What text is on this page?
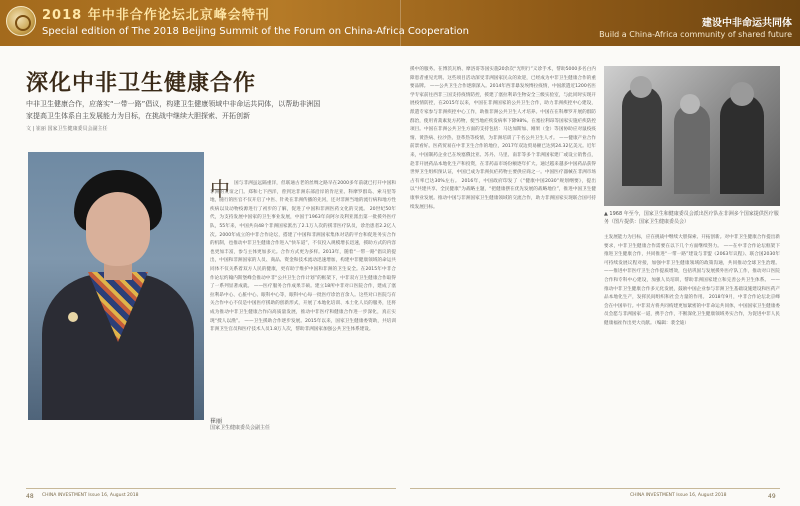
2018 年中非合作论坛北京峰会特刊
Special edition of The 2018 Beijing Summit of the Forum on China-Africa Cooperation
建设中非命运共同体
Build a China-Africa community of shared future
深化中非卫生健康合作

中非卫生健康合作，应落实“一带一路”倡议，构建卫生健康领域中非命运共同体，以帮助非洲国家提高卫生体系自主发展能力为目标，在挑战中继续大胆探索、开拓创新

文 | 崔丽 国家卫生健康委员会副主任
崔丽
国家卫生健康委员会副主任
中 国与非洲虽远隔重洋，但联通古老的丝绸之路早在2000多年前就已打开中国和非洲的友谊之门。郑和七下西洋，曾到达非洲东部沿岸的肯尼亚、科摩罗群岛、索马里等地，随行的医官不仅开启了中医、针灸在非洲传播的先河，还对非洲当地的流行病和地方性疾病以及动物疫源进行了初步的了解，促进了中国和非洲医药文化的交流。 20世纪50年代，为支持发展中国家的卫生事业发展，中国于1963年向阿尔及利亚派出第一批援外医疗队，55年来，中国共向48个非洲国家派出了2.1万人次的援非医疗队员，诊治患者2.2亿人次。2000年成立的中非合作论坛，搭建了中国和非洲国家集体对话的平台和促进务实合作的机制，也推动中非卫生健康合作进入“快车道”，不仅投入规模增长迅速，援助方式的内容也更加丰富，参与主体更加多元。合作方式更为多样。2013年，随着“一带一路”倡议的提出，中国和非洲国家的人员、商品、资金和技术流动迅速增加，构建中非健康领域的命运共同体不仅关系着双方人民的健康，更有助于维护中国和非洲的卫生安全。在2015年中非合作论坛约翰内斯堡峰会推动中非“公共卫生合作计划”的框架下，中非双方卫生健康合作取得了一系列显著成就。 ——医疗服务合作成果丰硕。建立18所中非对口医院合作，建成了塞拉利昂中心、心脏中心、眼科中心等，眼科中心每一批医疗诊治百余人。这些对口医院与有关合作中心不仅是中国医疗援助的创新形式，开展了本地化培训、本土化人员的服务，还将成为推动中非卫生健康合作向高质量发展，推动中非医疗和健康合作进一步深化，真正实现“授人以渔”。 ——卫生援助合作逐步发展。2015年以来，国家卫生健康委资助，共培训非洲卫生官员和医疗技术人员1.8万人次，帮助非洲国家加强公共卫生体系建设。
援中的服务。在博茨瓦纳、摩洛哥等国实施20余次“光明行”义诊手术，帮助5000多名白内障患者重见光明。这些项目活动深受非洲国家民众的欢迎，已经成为中非卫生健康合作的重要品牌。 ——公共卫生合作逐渐深入。2014年西非暴发埃博拉疫情，中国派遣近1200名医学专家前往西非三国支持疫情防控，援建了塞拉利昂生物安全三级实验室，与此同时实现开展疫情防控，在2015年以来，中国在非洲国家的公共卫生合作，助力非洲疾控中心建设，派遣专家参与非洲疾控中心工作，助推非洲公共卫生人才培养。中国在在科摩罗开展的群防群治，使用青蒿素复方药物，使当地疟疾发病率下降98%。在塞拉利昂等国家实施疟疾防控项目。中国在非洲公共卫生方面的支持包括：马达加斯加、刚果（金）等国协助应对鼠疫疫情、黄热病、拉沙热、登革热等疫情，为非洲培训了千名公共卫生人才。 ——健康产业合作前景看好。医药贸易在中非卫生合作的地位，2017年双边贸易额已达到24.32亿美元。近年来，中国制药企业已在埃塞俄比亚、苏丹、马里、南非等多个非洲国家建厂或设立销售点，赴非开展药品本地化生产和投资，在非药品市场份额逐年扩大。通过越来越多中国药品获得世界卫生组织预认证，中国已成为非洲抗疟药物主要供应商之一。中国医疗器械在非洲市场占有率已达30%左右。 2016年，中国政府印发了《“健康中国2030”规划纲要》，提出以“共建共享、全民健康”为战略主题，“把健康摆在优先发展的战略地位”，推进中国卫生健康事业发展。推动中国与非洲国家卫生健康领域的交流合作，助力非洲国家实现联合国可持续发展目标。
▲ 1968 年至今，国家卫生和健康委员会派出医疗队在非洲多个国家提供医疗服务（图片提供：国家卫生健康委员会）
主发展能力为目标，应在挑战中继续大胆探索、开拓创新。对中非卫生健康合作提出新要求，中非卫生健康合作需要在以下几个方面继续努力。 ——在中非合作论坛框架下推进卫生健康合作，共同推进“一带一路”建设与非盟《2063年议程》、联合国2030年可持续发展议程对接，加强中非卫生健康领域的政策沟通，共同推动全球卫生治理。 ——推进中非医疗卫生合作提质增效，包括巩固与发展援外医疗队工作，推动对口医院合作和专科中心建设，加强人员培训，帮助非洲国家建立和完善公共卫生体系。 ——推动中非卫生健康合作多元化发展，鼓励中国企业参与非洲卫生基础设施建设和医药产品本地化生产，发挥民间组织和社会力量的作用。 2018年9月，中非合作论坛北京峰会在中国举行。中非双方将共同构建更加紧密的中非命运共同体，中国国家卫生健康委员会愿与非洲国家一道，携手合作，不断深化卫生健康领域务实合作，为促进中非人民健康福祉作出更大贡献。（编辑：裴全迪）
48 CHINA INVESTMENT Issue 16, August 2018	CHINA INVESTMENT Issue 16, August 2018	49
